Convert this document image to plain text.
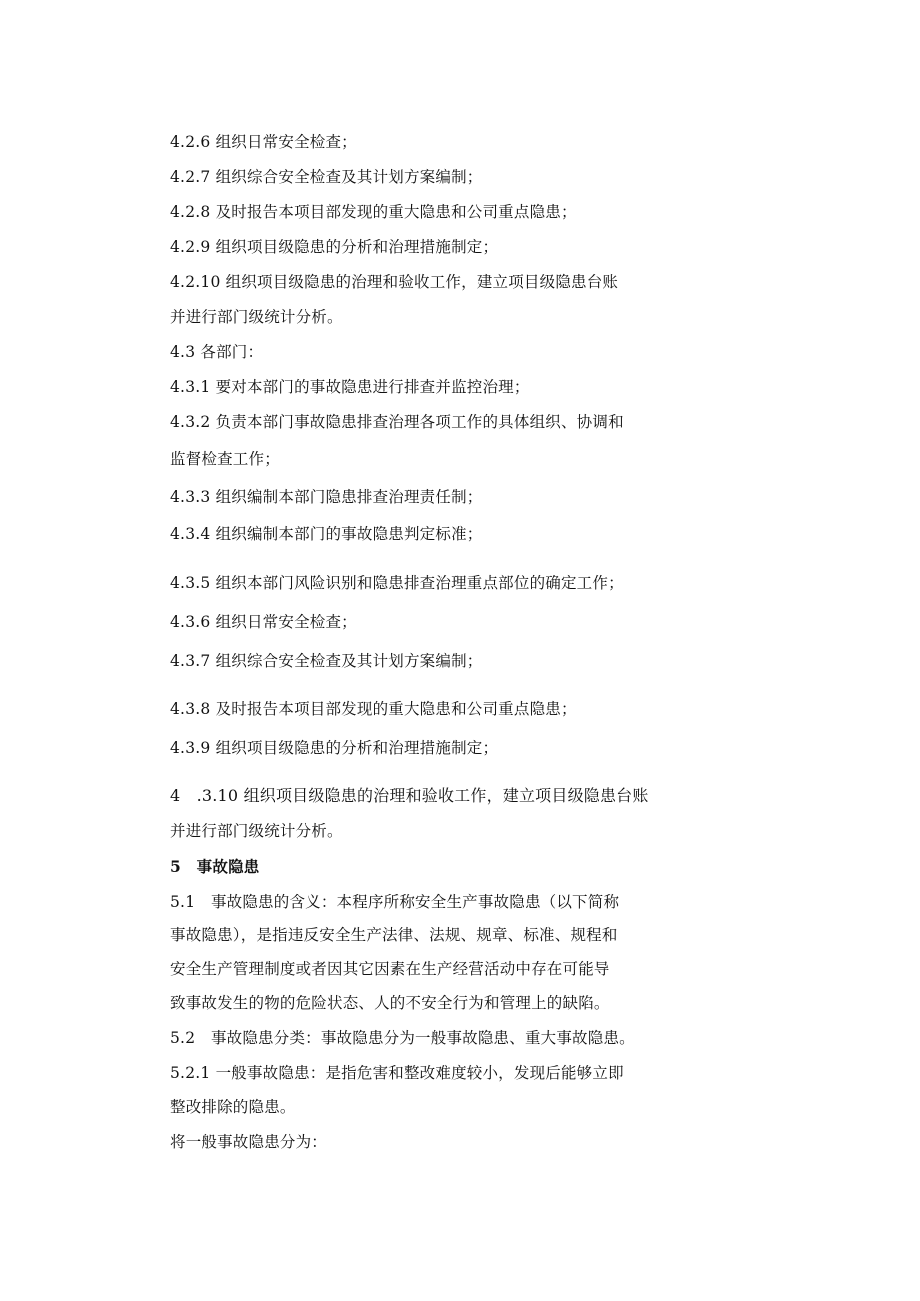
4.2.6 组织日常安全检查；
4.2.7 组织综合安全检查及其计划方案编制；
4.2.8 及时报告本项目部发现的重大隐患和公司重点隐患；
4.2.9 组织项目级隐患的分析和治理措施制定；
4.2.10 组织项目级隐患的治理和验收工作，建立项目级隐患台账
并进行部门级统计分析。
4.3 各部门：
4.3.1 要对本部门的事故隐患进行排查并监控治理；
4.3.2 负责本部门事故隐患排查治理各项工作的具体组织、协调和
监督检查工作；
4.3.3 组织编制本部门隐患排查治理责任制；
4.3.4 组织编制本部门的事故隐患判定标准；
4.3.5 组织本部门风险识别和隐患排查治理重点部位的确定工作；
4.3.6 组织日常安全检查；
4.3.7 组织综合安全检查及其计划方案编制；
4.3.8 及时报告本项目部发现的重大隐患和公司重点隐患；
4.3.9 组织项目级隐患的分析和治理措施制定；
4　.3.10 组织项目级隐患的治理和验收工作，建立项目级隐患台账
并进行部门级统计分析。
5　事故隐患
5.1　事故隐患的含义：本程序所称安全生产事故隐患（以下简称
事故隐患），是指违反安全生产法律、法规、规章、标准、规程和
安全生产管理制度或者因其它因素在生产经营活动中存在可能导
致事故发生的物的危险状态、人的不安全行为和管理上的缺陷。
5.2　事故隐患分类：事故隐患分为一般事故隐患、重大事故隐患。
5.2.1 一般事故隐患：是指危害和整改难度较小，发现后能够立即
整改排除的隐患。
将一般事故隐患分为：
